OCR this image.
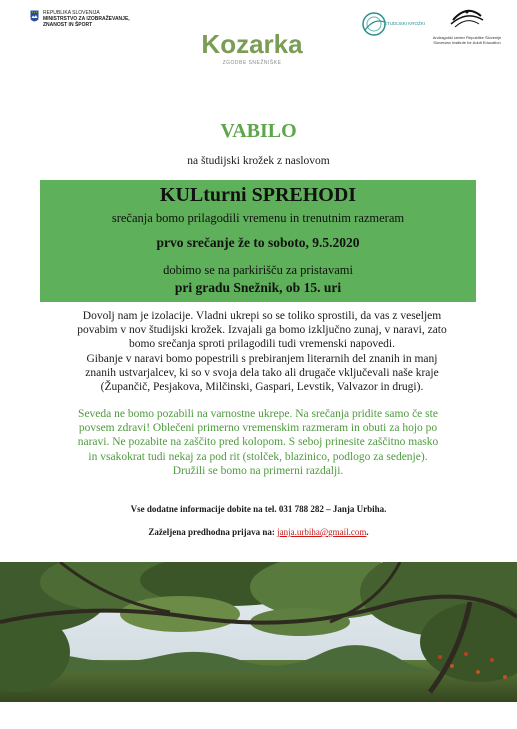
REPUBLIKA SLOVENIJA
MINISTRSTVO ZA IZOBRAŽEVANJE,
ZNANOST IN ŠPORT
Kozarka
ZGODBE SNEŽNIŠKE
ŠTUDIJSKI KROŽKI
Andragoški center Republike Slovenije
Slovenian Institute for Adult Education
VABILO
na študijski krožek z naslovom
KULturni SPREHODI
srečanja bomo prilagodili vremenu in trenutnim razmeram
prvo srečanje že to soboto, 9.5.2020
dobimo se na parkirišču za pristavami
pri gradu Snežnik, ob 15. uri

Dovolj nam je izolacije. Vladni ukrepi so se toliko sprostili, da vas z veseljem

povabim v nov študijski krožek. Izvajali ga bomo izključno zunaj, v naravi, zato

bomo srečanja sproti prilagodili tudi vremenski napovedi.

Gibanje v naravi bomo popestrili s prebiranjem literarnih del znanih in manj

znanih ustvarjalcev, ki so v svoja dela tako ali drugače vključevali naše kraje

(Župančič, Pesjakova, Milčinski, Gaspari, Levstik, Valvazor in drugi).

Seveda ne bomo pozabili na varnostne ukrepe. Na srečanja pridite samo če ste

povsem zdravi! Oblečeni primerno vremenskim razmeram in obuti za hojo po

naravi. Ne pozabite na zaščito pred kolopom. S seboj prinesite zaščitno masko

in vsakokrat tudi nekaj za pod rit (stolček, blazinico, podlogo za sedenje).

Družili se bomo na primerni razdalji.

Vse dodatne informacije dobite na tel. 031 788 282 – Janja Urbiha.
Zaželjena predhodna prijava na: janja.urbiha@gmail.com.
